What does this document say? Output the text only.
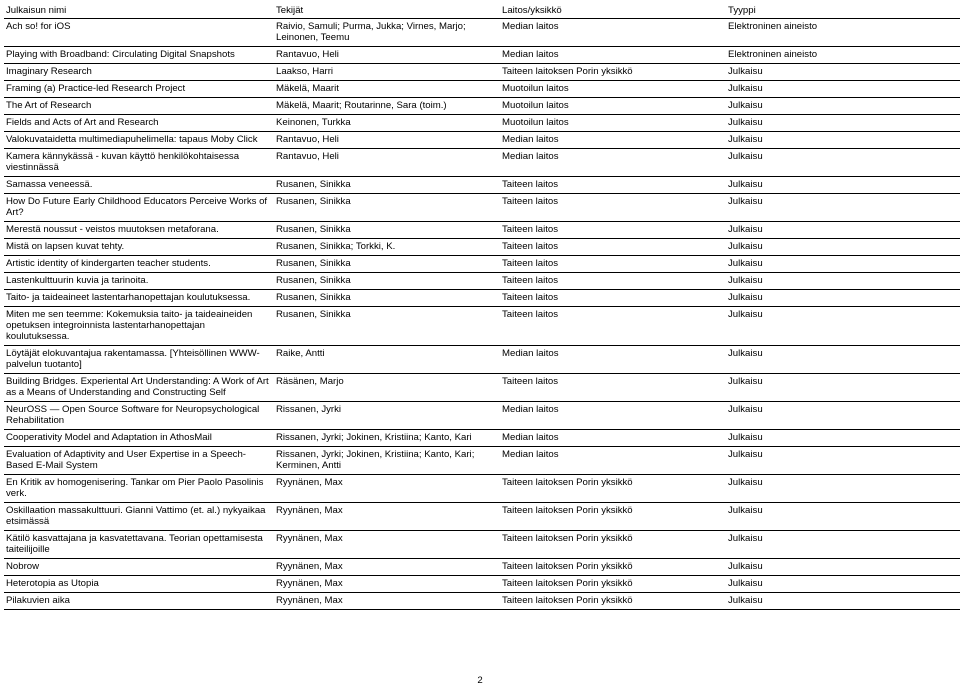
Julkaisun nimi	Tekijät	Laitos/yksikkö	Tyyppi
Ach so! for iOS	Raivio, Samuli; Purma, Jukka; Virnes, Marjo; Leinonen, Teemu	Median laitos	Elektroninen aineisto
Playing with Broadband: Circulating Digital Snapshots	Rantavuo, Heli	Median laitos	Elektroninen aineisto
Imaginary Research	Laakso, Harri	Taiteen laitoksen Porin yksikkö	Julkaisu
Framing (a) Practice-led Research Project	Mäkelä, Maarit	Muotoilun laitos	Julkaisu
The Art of Research	Mäkelä, Maarit; Routarinne, Sara (toim.)	Muotoilun laitos	Julkaisu
Fields and Acts of Art and Research	Keinonen, Turkka	Muotoilun laitos	Julkaisu
Valokuvataidetta multimediapuhelimella: tapaus Moby Click	Rantavuo, Heli	Median laitos	Julkaisu
Kamera kännykässä - kuvan käyttö henkilökohtaisessa viestinnässä	Rantavuo, Heli	Median laitos	Julkaisu
Samassa veneessä.	Rusanen, Sinikka	Taiteen laitos	Julkaisu
How Do Future Early Childhood Educators Perceive Works of Art?	Rusanen, Sinikka	Taiteen laitos	Julkaisu
Merestä noussut - veistos muutoksen metaforana.	Rusanen, Sinikka	Taiteen laitos	Julkaisu
Mistä on lapsen kuvat tehty.	Rusanen, Sinikka; Torkki, K.	Taiteen laitos	Julkaisu
Artistic identity of kindergarten teacher students.	Rusanen, Sinikka	Taiteen laitos	Julkaisu
Lastenkulttuurin kuvia ja tarinoita.	Rusanen, Sinikka	Taiteen laitos	Julkaisu
Taito- ja taideaineet lastentarhanopettajan koulutuksessa.	Rusanen, Sinikka	Taiteen laitos	Julkaisu
Miten me sen teemme: Kokemuksia taito- ja taideaineiden opetuksen integroinnista lastentarhanopettajan koulutuksessa.	Rusanen, Sinikka	Taiteen laitos	Julkaisu
Löytäjät elokuvantajua rakentamassa. [Yhteisöllinen WWW-palvelun tuotanto]	Raike, Antti	Median laitos	Julkaisu
Building Bridges. Experiental Art Understanding: A Work of Art as a Means of Understanding and Constructing Self	Räsänen, Marjo	Taiteen laitos	Julkaisu
NeurOSS — Open Source Software for Neuropsychological Rehabilitation	Rissanen, Jyrki	Median laitos	Julkaisu
Cooperativity Model and Adaptation in AthosMail	Rissanen, Jyrki; Jokinen, Kristiina; Kanto, Kari	Median laitos	Julkaisu
Evaluation of Adaptivity and User Expertise in a Speech-Based E-Mail System	Rissanen, Jyrki; Jokinen, Kristiina; Kanto, Kari; Kerminen, Antti	Median laitos	Julkaisu
En Kritik av homogenisering. Tankar om Pier Paolo Pasolinis verk.	Ryynänen, Max	Taiteen laitoksen Porin yksikkö	Julkaisu
Oskillaation massakulttuuri. Gianni Vattimo (et. al.) nykyaikaa etsimässä	Ryynänen, Max	Taiteen laitoksen Porin yksikkö	Julkaisu
Kätilö kasvattajana ja kasvatettavana. Teorian opettamisesta taiteilijoille	Ryynänen, Max	Taiteen laitoksen Porin yksikkö	Julkaisu
Nobrow	Ryynänen, Max	Taiteen laitoksen Porin yksikkö	Julkaisu
Heterotopia as Utopia	Ryynänen, Max	Taiteen laitoksen Porin yksikkö	Julkaisu
Pilakuvien aika	Ryynänen, Max	Taiteen laitoksen Porin yksikkö	Julkaisu
2
